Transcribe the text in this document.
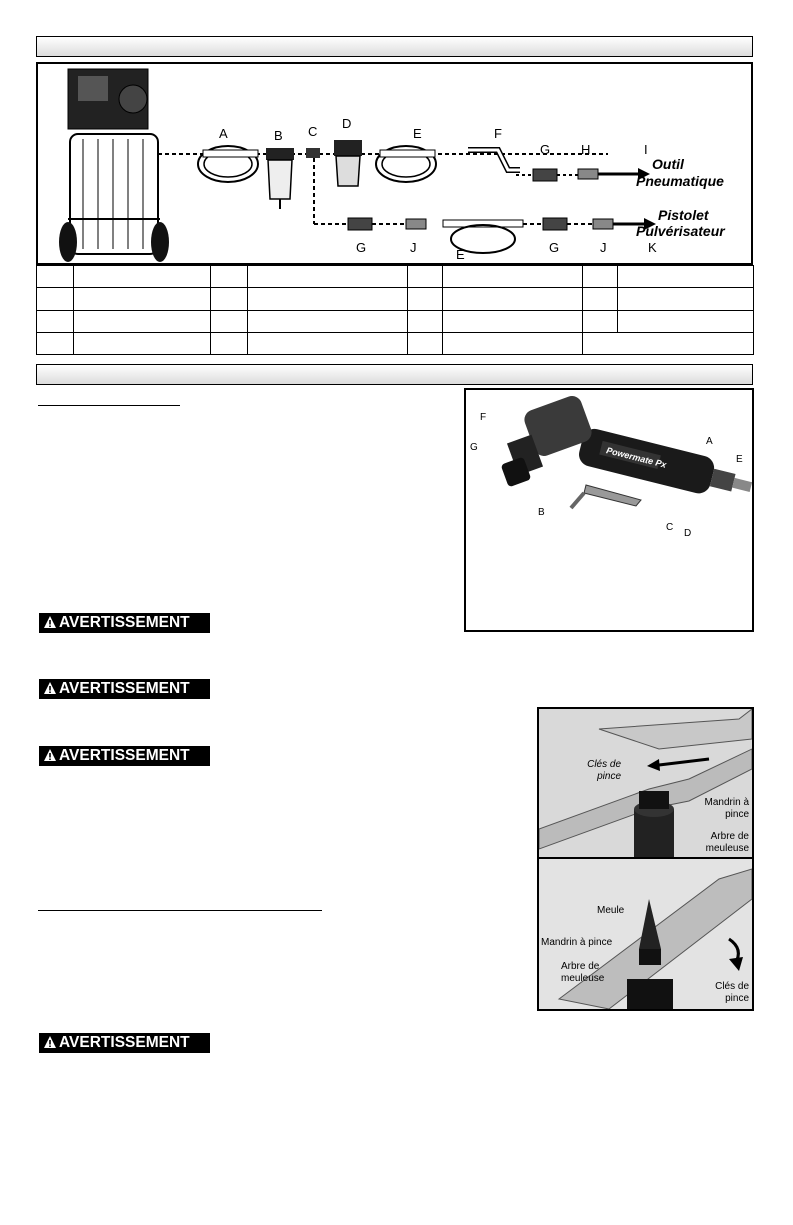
A	B C
D
E	F
G H	I
Outil
Pneumatique
Pistolet
Pulvérisateur
G	J	E	G	J	K

Powermate Px
F
G
A
E
B
C
D
AVERTISSEMENT
AVERTISSEMENT
AVERTISSEMENT
AVERTISSEMENT
Clés de pince
Mandrin à pince
Arbre de meuleuse
Meule
Mandrin à pince
Arbre de meuleuse
Clés de pince
